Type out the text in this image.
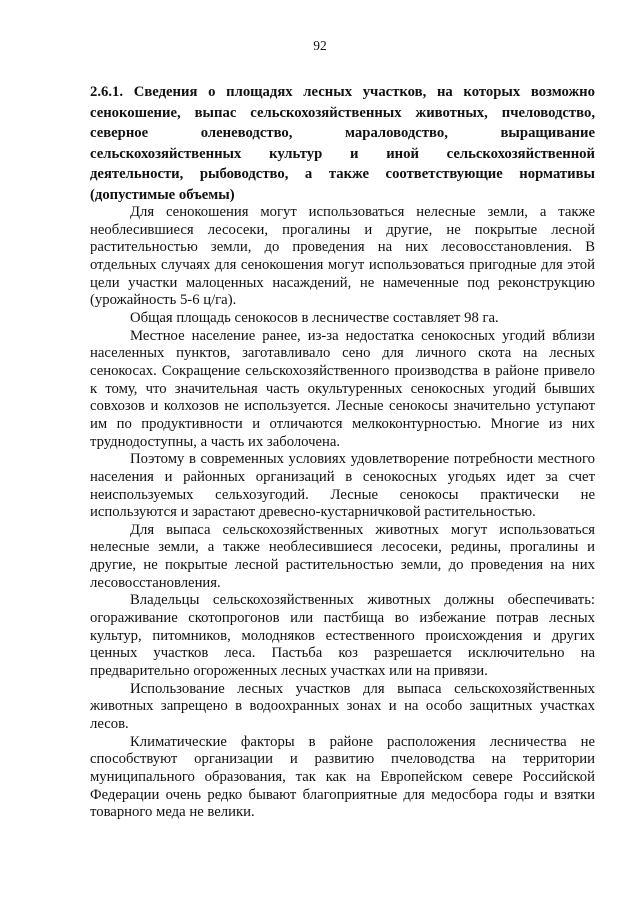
92
2.6.1. Сведения о площадях лесных участков, на которых возможно сенокошение, выпас сельскохозяйственных животных, пчеловодство, северное оленеводство, мараловодство, выращивание сельскохозяйственных культур и иной сельскохозяйственной деятельности, рыбоводство, а также соответствующие нормативы (допустимые объемы)

Для сенокошения могут использоваться нелесные земли, а также необлесившиеся лесосеки, прогалины и другие, не покрытые лесной растительностью земли, до проведения на них лесовосстановления. В отдельных случаях для сенокошения могут использоваться пригодные для этой цели участки малоценных насаждений, не намеченные под реконструкцию (урожайность 5-6 ц/га).

Общая площадь сенокосов в лесничестве составляет 98 га.

Местное население ранее, из-за недостатка сенокосных угодий вблизи населенных пунктов, заготавливало сено для личного скота на лесных сенокосах. Сокращение сельскохозяйственного производства в районе привело к тому, что значительная часть окультуренных сенокосных угодий бывших совхозов и колхозов не используется. Лесные сенокосы значительно уступают им по продуктивности и отличаются мелкоконтурностью. Многие из них труднодоступны, а часть их заболочена.

Поэтому в современных условиях удовлетворение потребности местного населения и районных организаций в сенокосных угодьях идет за счет неиспользуемых сельхозугодий. Лесные сенокосы практически не используются и зарастают древесно-кустарничковой растительностью.

Для выпаса сельскохозяйственных животных могут использоваться нелесные земли, а также необлесившиеся лесосеки, редины, прогалины и другие, не покрытые лесной растительностью земли, до проведения на них лесовосстановления.

Владельцы сельскохозяйственных животных должны обеспечивать: огораживание скотопрогонов или пастбища во избежание потрав лесных культур, питомников, молодняков естественного происхождения и других ценных участков леса. Пастьба коз разрешается исключительно на предварительно огороженных лесных участках или на привязи.

Использование лесных участков для выпаса сельскохозяйственных животных запрещено в водоохранных зонах и на особо защитных участках лесов.

Климатические факторы в районе расположения лесничества не способствуют организации и развитию пчеловодства на территории муниципального образования, так как на Европейском севере Российской Федерации очень редко бывают благоприятные для медосбора годы и взятки товарного меда не велики.
